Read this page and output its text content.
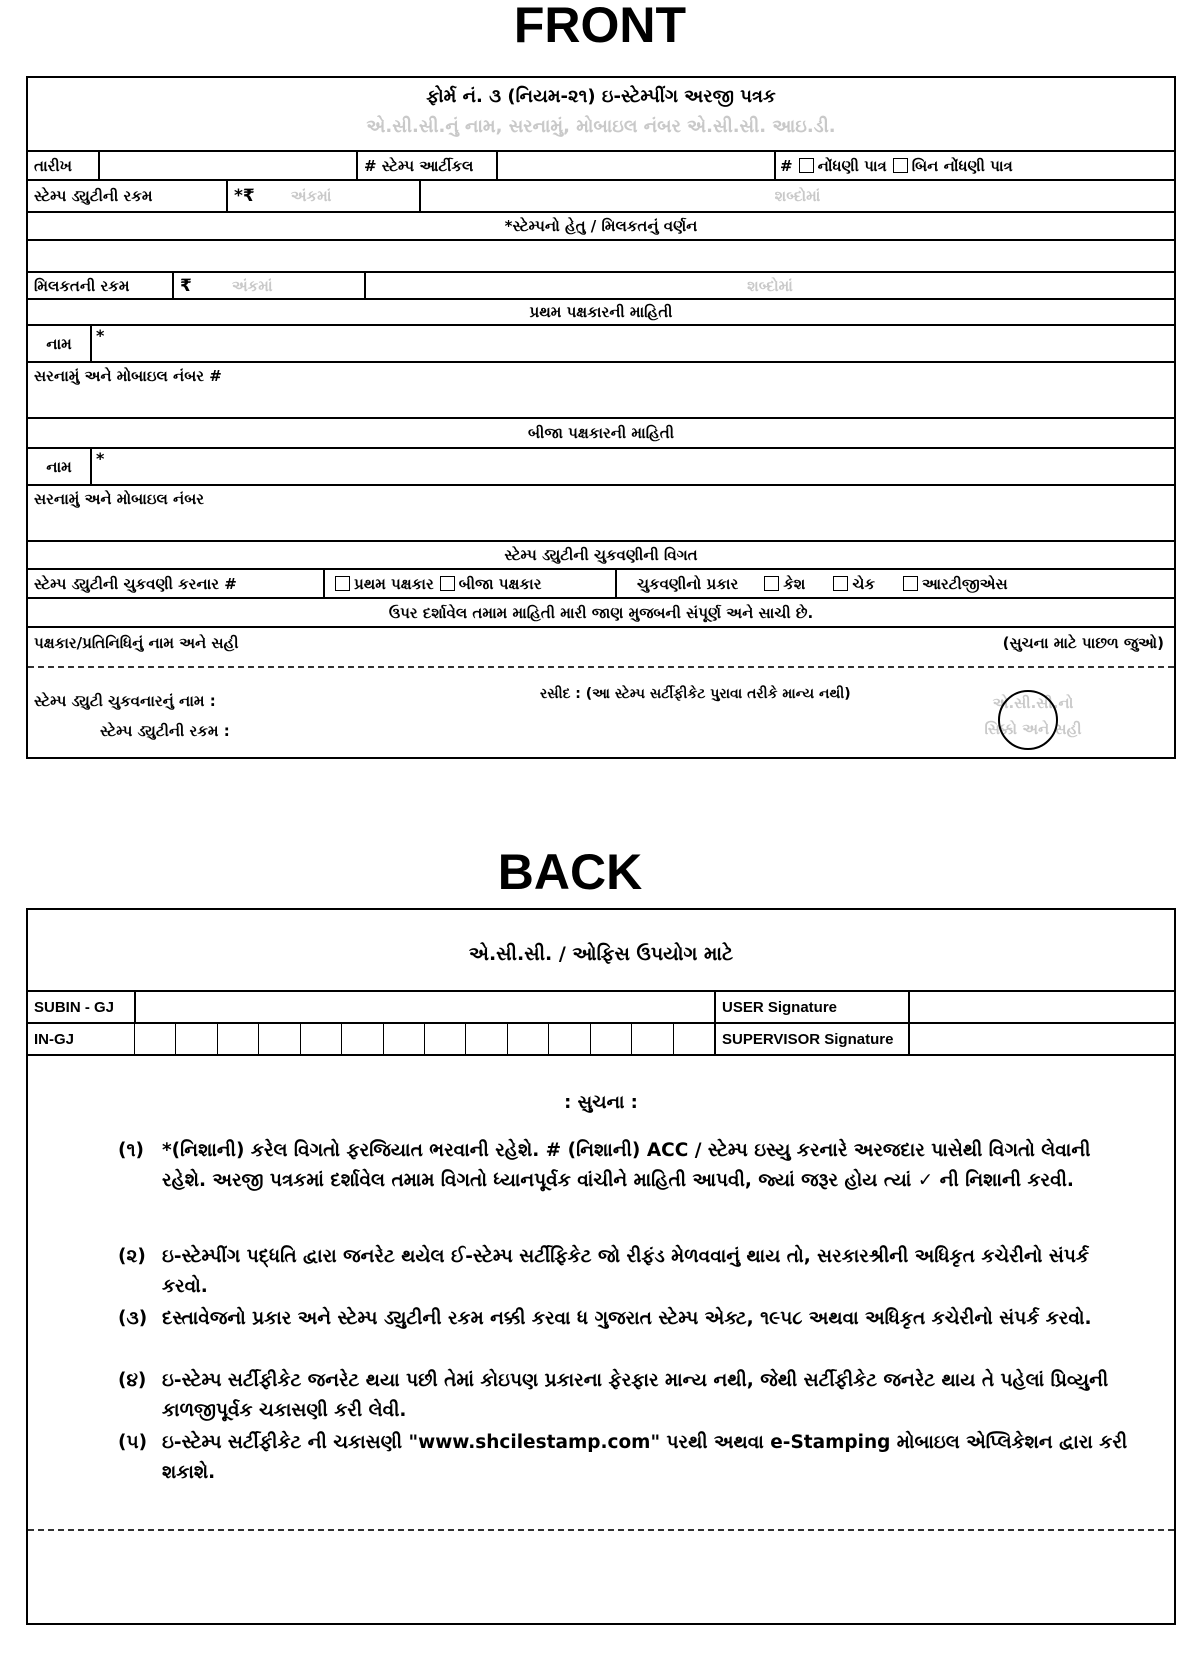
FRONT
ફોર્મ નં. ૩ (નિયમ-૨૧) ઇ-સ્ટેમ્પીંગ અરજી પત્રક
એ.સી.સી.નું નામ, સરનામું, મોબાઇલ નંબર એ.સી.સી. આઇ.ડી.
તારીખ	# સ્ટેમ્પ આર્ટીકલ	# નોંધણી પાત્ર બિન નોંધણી પાત્ર
સ્ટેમ્પ ડ્યુટીની રકમ	*₹ અંકમાં	શબ્દોમાં
*સ્ટેમ્પનો હેતુ / મિલકતનું વર્ણન
મિલકતની રકમ	₹	અંકમાં	શબ્દોમાં
પ્રથમ પક્ષકારની માહિતી
નામ	*
સરનામું અને મોબાઇલ નંબર #
બીજા પક્ષકારની માહિતી
નામ	*
સરનામું અને મોબાઇલ નંબર
સ્ટેમ્પ ડ્યુટીની ચુકવણીની વિગત
સ્ટેમ્પ ડ્યુટીની ચુકવણી કરનાર #	પ્રથમ પક્ષકાર બીજા પક્ષકાર	ચુકવણીનો પ્રકાર	કેશ	ચેક	આરટીજીએસ
ઉપર દર્શાવેલ તમામ માહિતી મારી જાણ મુજબની સંપૂર્ણ અને સાચી છે.
પક્ષકાર/પ્રતિનિધિનું નામ અને સહી	(સુચના માટે પાછળ જુઓ)
સ્ટેમ્પ ડ્યુટી ચુકવનારનું નામ :
સ્ટેમ્પ ડ્યુટીની રકમ :
રસીદ : (આ સ્ટેમ્પ સર્ટીફીકેટ પુરાવા તરીકે માન્ય નથી)	એ.સી.સી.નો
સિક્કો અને સહી
BACK
એ.સી.સી. / ઓફિસ ઉપયોગ માટે
SUBIN - GJ	USER Signature
IN-GJ	SUPERVISOR Signature
: સુચના :
(૧) *(નિશાની) કરેલ વિગતો ફરજિયાત ભરવાની રહેશે. # (નિશાની) ACC / સ્ટેમ્પ ઇસ્યુ કરનારે અરજદાર પાસેથી વિગતો લેવાની રહેશે. અરજી પત્રકમાં દર્શાવેલ તમામ વિગતો ધ્યાનપૂર્વક વાંચીને માહિતી આપવી, જ્યાં જરૂર હોય ત્યાં ✓ ની નિશાની કરવી.
(૨) ઇ-સ્ટેમ્પીંગ પદ્ધતિ દ્વારા જનરેટ થયેલ ઈ-સ્ટેમ્પ સર્ટીફિકેટ જો રીફંડ મેળવવાનું થાય તો, સરકારશ્રીની અધિકૃત કચેરીનો સંપર્ક કરવો.
(૩) દસ્તાવેજનો પ્રકાર અને સ્ટેમ્પ ડ્યુટીની રકમ નક્કી કરવા ધ ગુજરાત સ્ટેમ્પ એક્ટ, ૧૯૫૮ અથવા અધિકૃત કચેરીનો સંપર્ક કરવો.
(૪) ઇ-સ્ટેમ્પ સર્ટીફીકેટ જનરેટ થયા પછી તેમાં કોઇપણ પ્રકારના ફેરફાર માન્ય નથી, જેથી સર્ટીફીકેટ જનરેટ થાય તે પહેલાં પ્રિવ્યુની કાળજીપૂર્વક ચકાસણી કરી લેવી.
(૫) ઇ-સ્ટેમ્પ સર્ટીફીકેટ ની ચકાસણી "www.shcilestamp.com" પરથી અથવા e-Stamping મોબાઇલ એપ્લિકેશન દ્વારા કરી શકાશે.
